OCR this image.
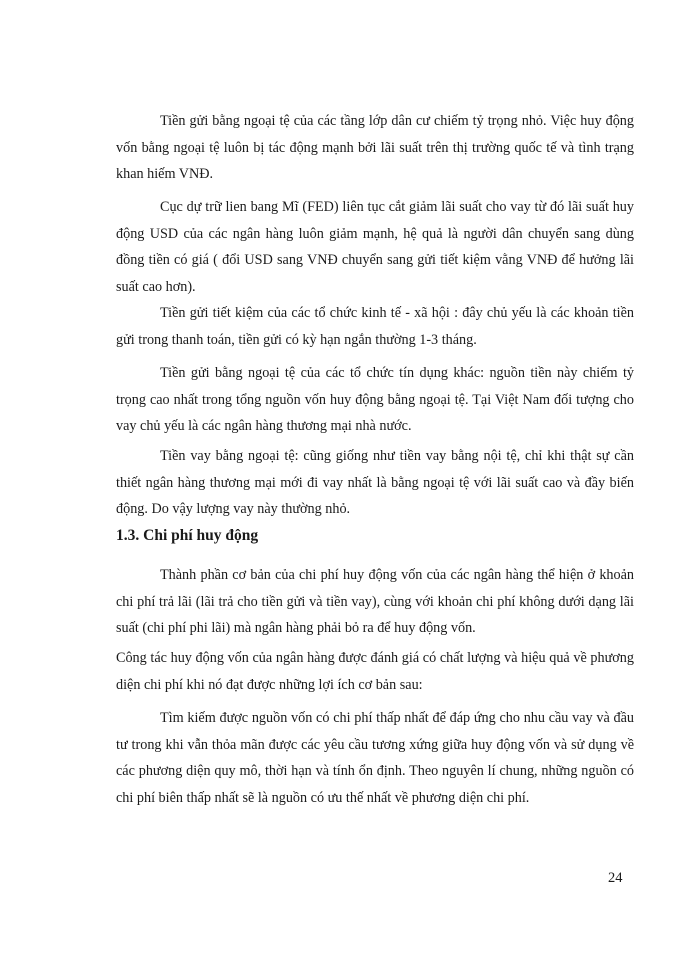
Tiền gửi bằng ngoại tệ của các tầng lớp dân cư chiếm tỷ trọng nhỏ. Việc huy động vốn bằng ngoại tệ luôn bị tác động mạnh bởi lãi suất trên thị trường quốc tế và tình trạng khan hiếm VNĐ.

Cục dự trữ lien bang Mĩ (FED) liên tục cắt giảm lãi suất cho vay từ đó lãi suất huy động USD của các ngân hàng luôn giảm mạnh, hệ quả là người dân chuyển sang dùng đồng tiền có giá ( đổi USD sang VNĐ chuyển sang gửi tiết kiệm vằng VNĐ để hưởng lãi suất cao hơn).

Tiền gửi tiết kiệm của các tổ chức kinh tế - xã hội : đây chủ yếu là các khoản tiền gửi trong thanh toán, tiền gửi có kỳ hạn ngắn thường 1-3 tháng.

Tiền gửi bằng ngoại tệ của các tổ chức tín dụng khác: nguồn tiền này chiếm tỷ trọng cao nhất trong tổng nguồn vốn huy động bằng ngoại tệ. Tại Việt Nam đối tượng cho vay chủ yếu là các ngân hàng thương mại nhà nước.

Tiền vay bằng ngoại tệ: cũng giống như tiền vay bằng nội tệ, chỉ khi thật sự cần thiết ngân hàng thương mại mới đi vay nhất là bằng ngoại tệ với lãi suất cao và đầy biến động. Do vậy lượng vay này thường nhỏ.

1.3. Chi phí huy động

Thành phần cơ bản của chi phí huy động vốn của các ngân hàng thể hiện ở khoản chi phí trả lãi (lãi trả cho tiền gửi và tiền vay), cùng với khoản chi phí không dưới dạng lãi suất (chi phí phi lãi) mà ngân hàng phải bỏ ra để huy động vốn.

Công tác huy động vốn của ngân hàng được đánh giá có chất lượng và hiệu quả về phương diện chi phí khi nó đạt được những lợi ích cơ bản sau:

Tìm kiếm được nguồn vốn có chi phí thấp nhất để đáp ứng cho nhu cầu vay và đầu tư trong khi vẫn thỏa mãn được các yêu cầu tương xứng giữa huy động vốn và sử dụng về các phương diện quy mô, thời hạn và tính ổn định. Theo nguyên lí chung, những nguồn có chi phí biên thấp nhất sẽ là nguồn có ưu thế nhất về phương diện chi phí.

24
